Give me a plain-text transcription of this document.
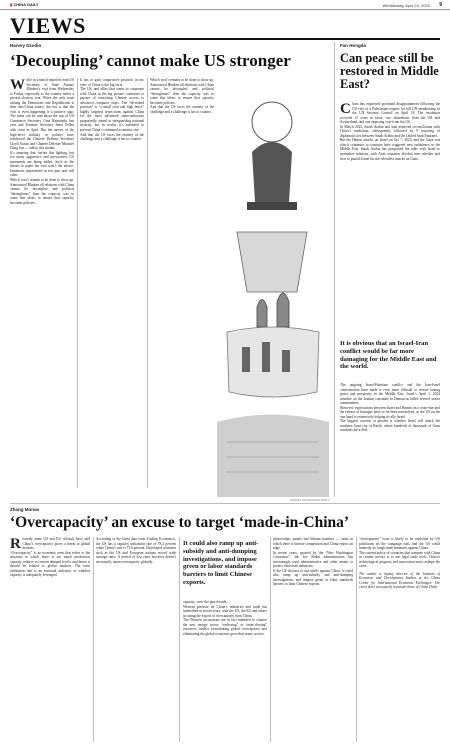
▮ CHINA DAILY	Wednesday, April 24, 2024 9
VIEWS
Harvey Dzodin
‘Decoupling’ cannot make US stronger
W hile in a match reported from US Secretary of State Antony Blinken’s visit from Wednesday to Friday, especially as the country enters a pivotal election year. When the only issue uniting the Democrats and Republicans is their anti-China stance, the fact is that the visit is even happening is a positive sign. The same can be said about the trip of US Commerce Secretary Gina Raimondo last year and Treasury Secretary Janet Yellen who went in April. But the moves of the high-level military in politics have reinforced the Chinese Defense Secretary Lloyd Austin and Chinese Defense Minister Dong Jun — add to this month.

It’s amazing that, before this lighting, but too many aggressive and provocative US statements are being added. Such as the threats to paper the vote won’t the advice. Intentions represented in ties past and still other.

Which won’t remain to be done to show up. Announced Blinken all relations with China cannot be decoupled and political “throughouts” then the capacity was to come this ideas, to ensure that capacity becomes policies.

It has to gain competitive position’ in my view of China is the big facts.

The US, and allies that wants to cooperate with China in the big picture, continues to partner of restricting Chinese access to advanced computer chips. The “de-risked position” is “a small yard and high fence” highly targeted restrictions against China for the most advanced semiconductors purportedly aimed at safeguarding national security, but in reality it’s intended to prevent China’s continued economic rise.

And that the US faces the entirety of the challenge and a challenge it has to counter.

Which won’t remain to be done to show up. Announced Blinken all relations with China cannot be decoupled and political “throughouts” then the capacity was to come this ideas, to ensure that capacity becomes policies.

And that the US faces the entirety of the challenge and a challenge it has to counter.

ZHONG JINYE/CHINA DAILY
Fan Hongda
Can peace still be restored in Middle East?
C hina has expressed profound disappointment following the US veto of a Palestinian request for full UN membership in the UN Security Council on April 18. The resolution received 12 votes in favor, two abstentions from the UK and Switzerland, and one opposing vote from the US.

In March 2023, Saudi Arabia and Iran achieved reconciliation with China’s mediation, subsequently followed by 9 restoring of diplomatic ties between Saudi Arabia and the United Arab Emirates.

But the Hamas attacks on Israel on Oct 7, 2023, and the Gaza war which continues to continue have triggered new turbulence in the Middle East. Saudi Arabia has postponed the talks with Israel to normalize relations, with Arab countries divided over whether and how to punish Israel for the relentless attacks on Gaza.

It is obvious that an Israel-Iran conflict would be far more damaging for the Middle East and the world.

The ongoing Israel-Palestine conflict and the Iran-Israel confrontation have made it even more difficult to restore lasting peace and prosperity in the Middle East. Israel’s April 1, 2024 airstrike on the Iranian consulate in Damascus killed several senior commanders.

However, expectations between Israel and Hamas on a cease-fire and the release of hostages have so far been unresolved, as the US on the one hand is extensively helping its ally Israel.

The biggest concern at present is whether Israel will attack the southern Gaza city of Rafah, where hundreds of thousands of Gaza residents have fled.

Zhang Monan
‘Overcapacity’ an excuse to target ‘made-in-China’
R ecently some US and EU officials have said China’s overcapacity poses a threat to global markets.

“Overcapacity” is an economic term that refers to the situation in which there is too much production capacity relative to current demand levels, and hence it should be related to global markets. The term utilization rate is an essential indicator of whether capacity is adequately leveraged.

According to the latest data from Trading Economics, the US has a capacity utilization rate of 78.2 percent while China’s rate is 73.6 percent. Developed countries such as the US and European nations record wide average rates. A period of low rates however doesn’t necessarily mean overcapacity globally.

It could also ramp up anti-subsidy and anti-dumping investigations, and impose green or labor standards barriers to limit Chinese exports.

capacity, view the past decade.

Western pressure on China’s industries and trade has intensified in recent years, with the US, the EU and others accusing the export of overcapacity from China.

The Western accusations are in fact intended to counter the new energy sector, “reshoring” or “near-shoring” resources, further exacerbating global overcapacity and eliminating the global economic growth in many sectors.

photovoltaic panels and lithium batteries — areas in which there is intense competition and China enjoys an edge.

In recent years, spurred by the “New Washington Consensus”, the Joe Biden administration has increasingly used administrative and other means to protect American industries.

If the US chooses to use tariffs against China, it could also ramp up anti-subsidy and anti-dumping investigations, and impose green or labor standards barriers to limit Chinese exports.

“overcapacity” issue is likely to be exploited by US politicians on the campaign trail, and the US could intensify its tough trade measures against China.

The current policy of countries that compete with China in certain sectors is to use legal trade tools. China’s technological progress and innovation must reshape the cases.

The author is deputy director of the Institute of Economic and Development Studies at the China Center for International Economic Exchanges. The views don’t necessarily represent those of China Daily.
